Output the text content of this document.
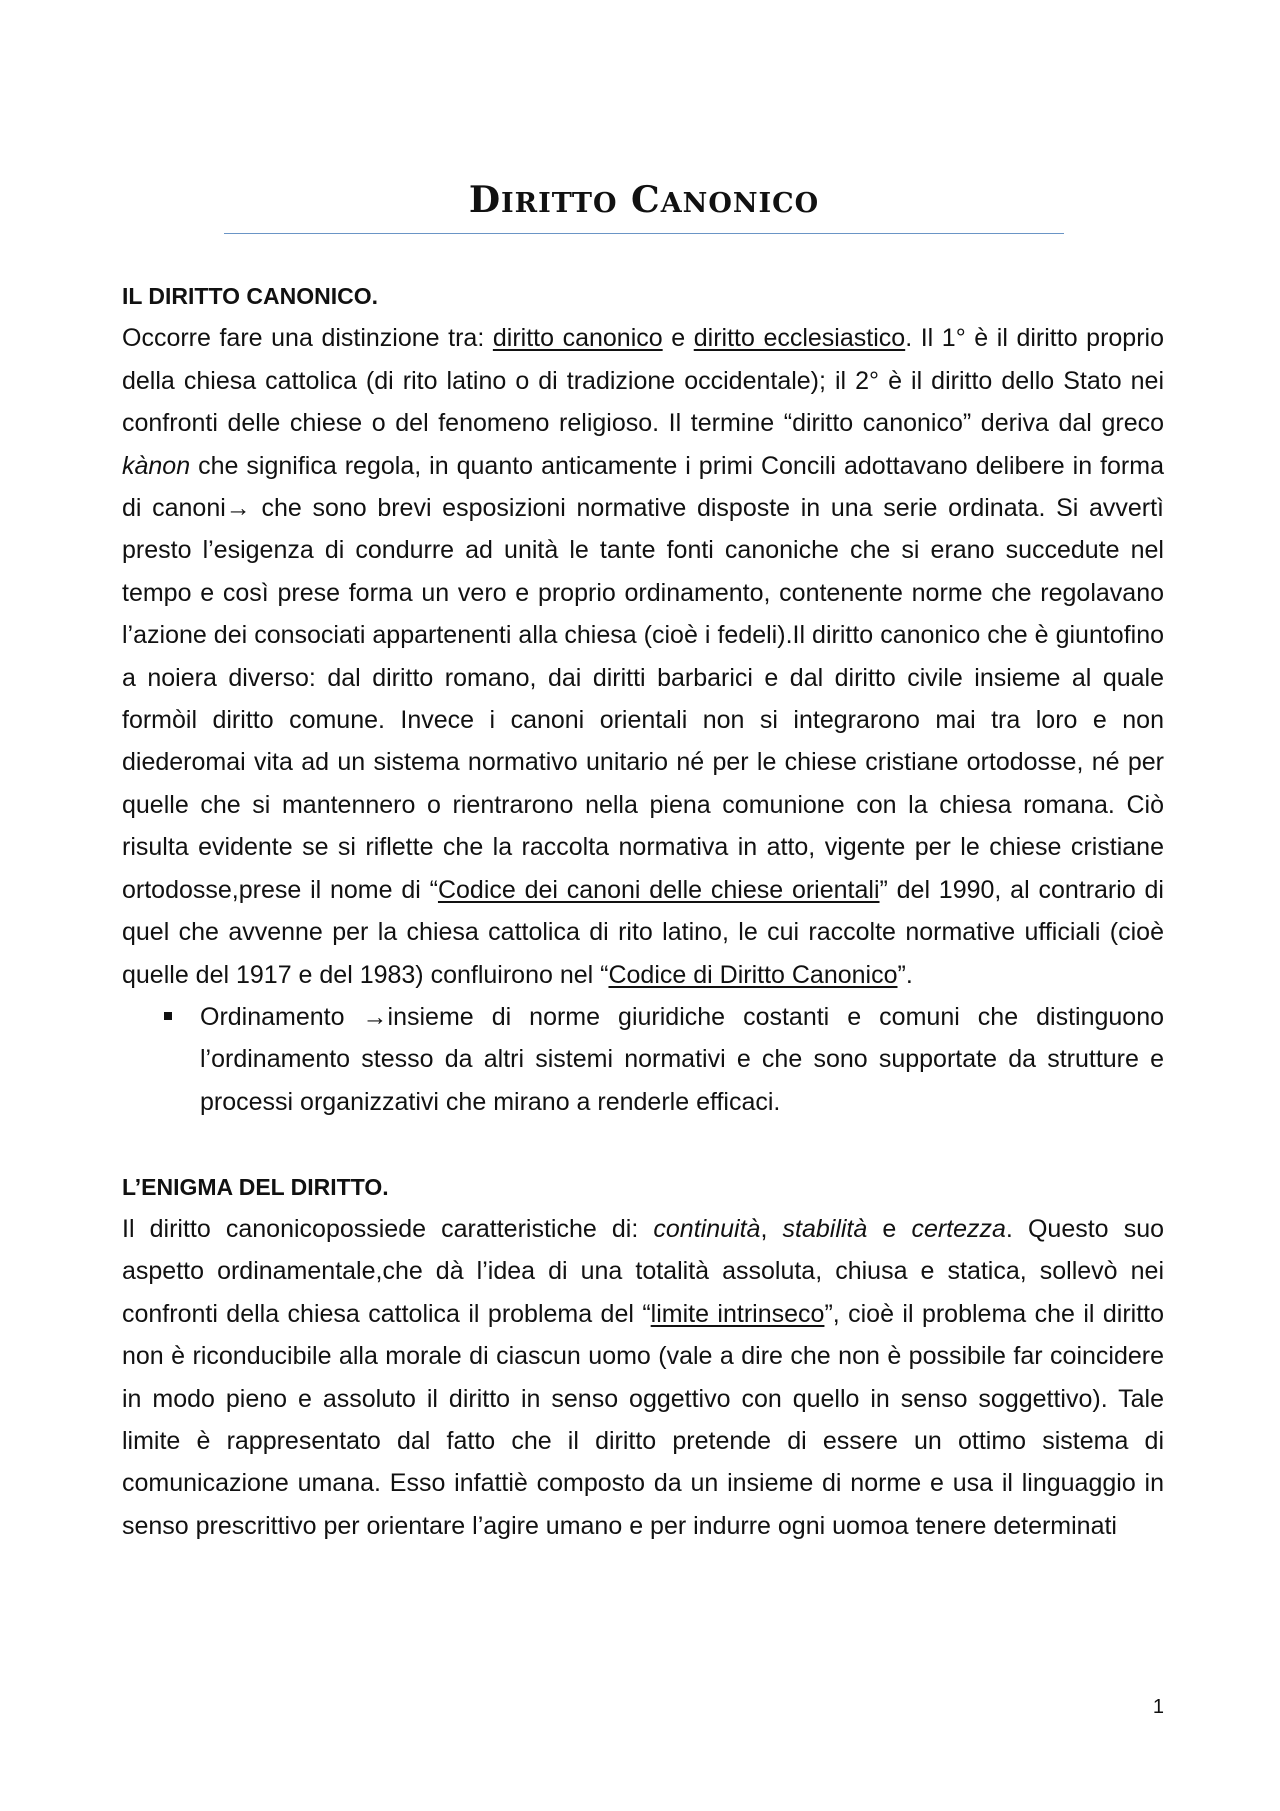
DIRITTO CANONICO
IL DIRITTO CANONICO.

Occorre fare una distinzione tra: diritto canonico e diritto ecclesiastico. Il 1° è il diritto proprio della chiesa cattolica (di rito latino o di tradizione occidentale); il 2° è il diritto dello Stato nei confronti delle chiese o del fenomeno religioso. Il termine “diritto canonico” deriva dal greco kànon che significa regola, in quanto anticamente i primi Concili adottavano delibere in forma di canoni→ che sono brevi esposizioni normative disposte in una serie ordinata. Si avvertì presto l’esigenza di condurre ad unità le tante fonti canoniche che si erano succedute nel tempo e così prese forma un vero e proprio ordinamento, contenente norme che regolavano l’azione dei consociati appartenenti alla chiesa (cioè i fedeli).Il diritto canonico che è giuntofino a noiera diverso: dal diritto romano, dai diritti barbarici e dal diritto civile insieme al quale formòil diritto comune. Invece i canoni orientali non si integrarono mai tra loro e non diederomai vita ad un sistema normativo unitario né per le chiese cristiane ortodosse, né per quelle che si mantennero o rientrarono nella piena comunione con la chiesa romana. Ciò risulta evidente se si riflette che la raccolta normativa in atto, vigente per le chiese cristiane ortodosse,prese il nome di “Codice dei canoni delle chiese orientali” del 1990, al contrario di quel che avvenne per la chiesa cattolica di rito latino, le cui raccolte normative ufficiali (cioè quelle del 1917 e del 1983) confluirono nel “Codice di Diritto Canonico”.

Ordinamento →insieme di norme giuridiche costanti e comuni che distinguono l’ordinamento stesso da altri sistemi normativi e che sono supportate da strutture e processi organizzativi che mirano a renderle efficaci.
L’ENIGMA DEL DIRITTO.

Il diritto canonicopossiede caratteristiche di: continuità, stabilità e certezza. Questo suo aspetto ordinamentale,che dà l’idea di una totalità assoluta, chiusa e statica, sollevò nei confronti della chiesa cattolica il problema del “limite intrinseco”, cioè il problema che il diritto non è riconducibile alla morale di ciascun uomo (vale a dire che non è possibile far coincidere in modo pieno e assoluto il diritto in senso oggettivo con quello in senso soggettivo). Tale limite è rappresentato dal fatto che il diritto pretende di essere un ottimo sistema di comunicazione umana. Esso infattiè composto da un insieme di norme e usa il linguaggio in senso prescrittivo per orientare l’agire umano e per indurre ogni uomoa tenere determinati

1
